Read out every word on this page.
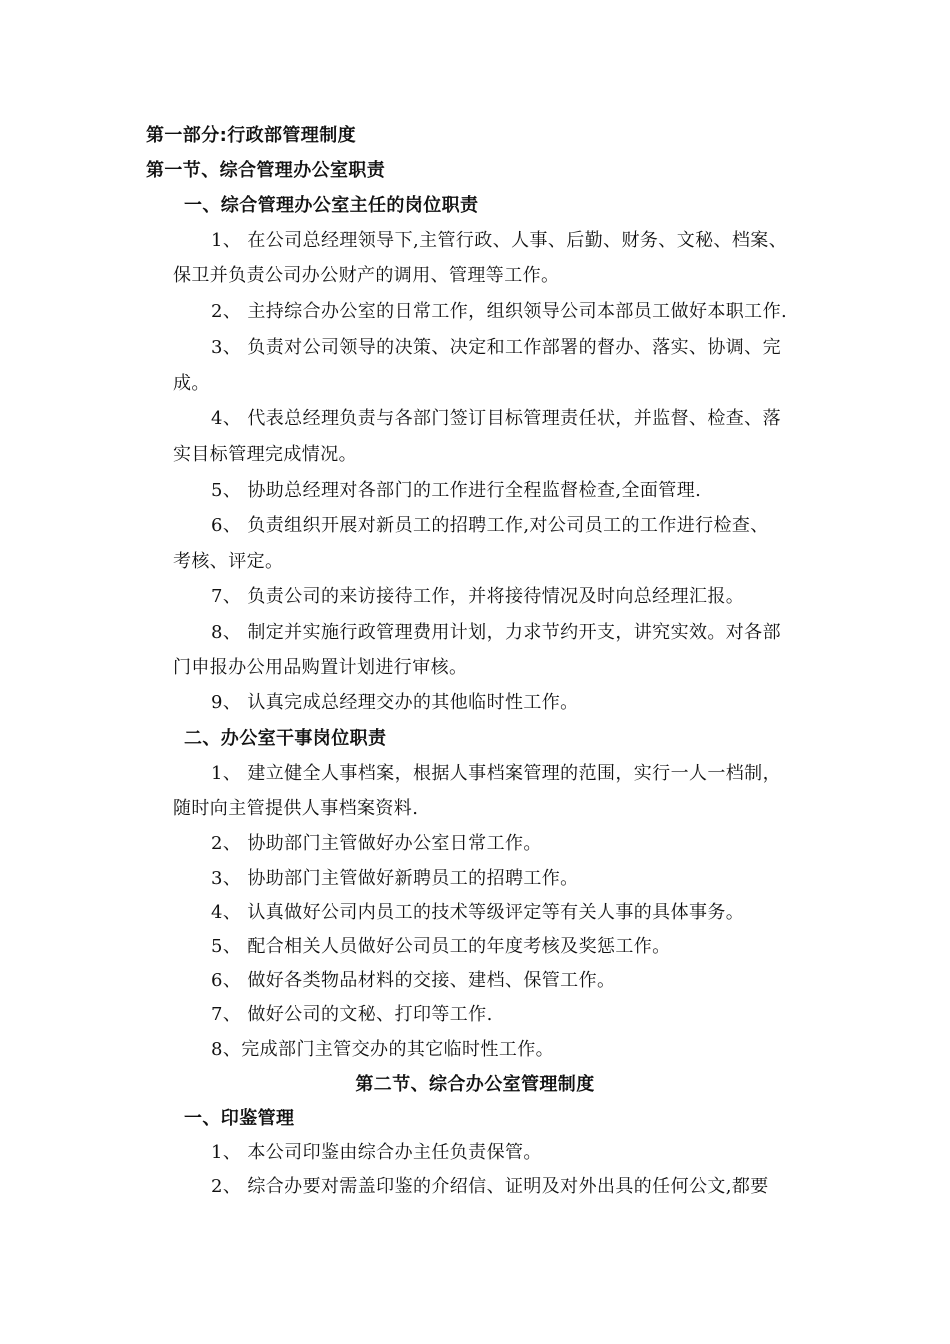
第一部分:行政部管理制度
第一节、综合管理办公室职责
一、综合管理办公室主任的岗位职责
1、 在公司总经理领导下,主管行政、人事、后勤、财务、文秘、档案、
保卫并负责公司办公财产的调用、管理等工作。
2、 主持综合办公室的日常工作，组织领导公司本部员工做好本职工作.
3、 负责对公司领导的决策、决定和工作部署的督办、落实、协调、完
成。
4、 代表总经理负责与各部门签订目标管理责任状，并监督、检查、落
实目标管理完成情况。
5、 协助总经理对各部门的工作进行全程监督检查,全面管理.
6、 负责组织开展对新员工的招聘工作,对公司员工的工作进行检查、
考核、评定。
7、 负责公司的来访接待工作，并将接待情况及时向总经理汇报。
8、 制定并实施行政管理费用计划，力求节约开支，讲究实效。对各部
门申报办公用品购置计划进行审核。
9、 认真完成总经理交办的其他临时性工作。
二、办公室干事岗位职责
1、 建立健全人事档案，根据人事档案管理的范围，实行一人一档制，
随时向主管提供人事档案资料.
2、 协助部门主管做好办公室日常工作。
3、 协助部门主管做好新聘员工的招聘工作。
4、 认真做好公司内员工的技术等级评定等有关人事的具体事务。
5、 配合相关人员做好公司员工的年度考核及奖惩工作。
6、 做好各类物品材料的交接、建档、保管工作。
7、 做好公司的文秘、打印等工作.
8、完成部门主管交办的其它临时性工作。
第二节、综合办公室管理制度
一、印鉴管理
1、 本公司印鉴由综合办主任负责保管。
2、 综合办要对需盖印鉴的介绍信、证明及对外出具的任何公文,都要
